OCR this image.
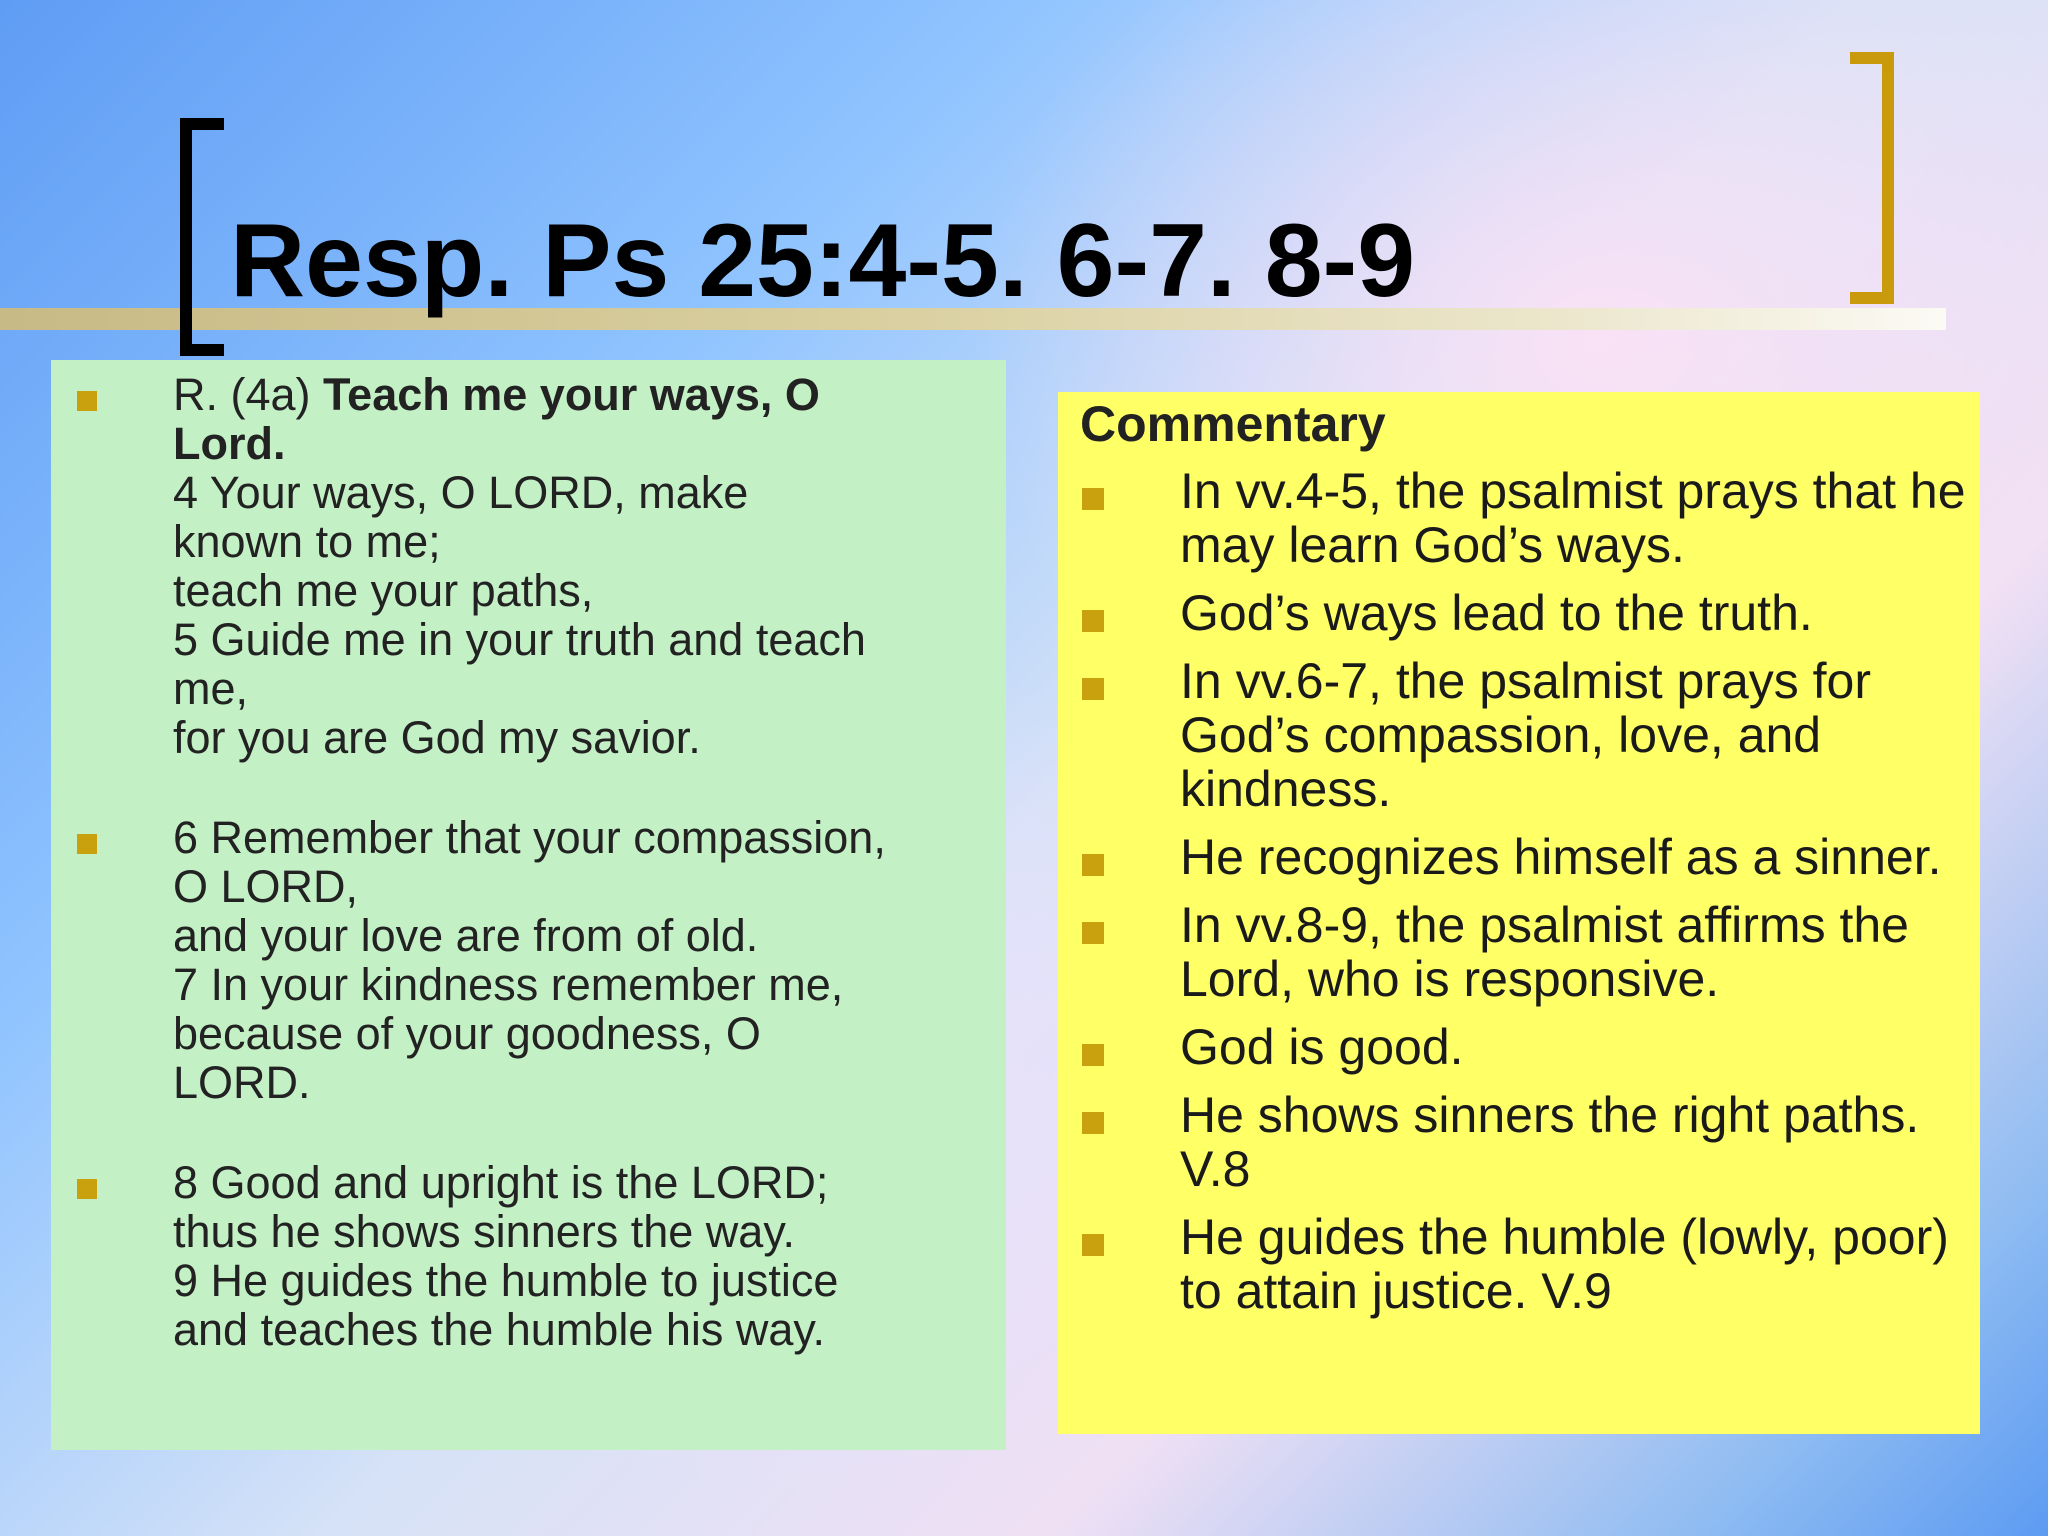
Resp. Ps 25:4-5. 6-7. 8-9
R. (4a) Teach me your ways, O
Lord.
4 Your ways, O LORD, make
known to me;
teach me your paths,
5 Guide me in your truth and teach
me,
for you are God my savior.
6 Remember that your compassion,
O LORD,
and your love are from of old.
7 In your kindness remember me,
because of your goodness, O
LORD.
8 Good and upright is the LORD;
thus he shows sinners the way.
9 He guides the humble to justice
and teaches the humble his way.
Commentary
In vv.4-5, the psalmist prays that he may learn God’s ways.
God’s ways lead to the truth.
In vv.6-7, the psalmist prays for God’s compassion, love, and kindness.
He recognizes himself as a sinner.
In vv.8-9, the psalmist affirms the Lord, who is responsive.
God is good.
He shows sinners the right paths. V.8
He guides the humble (lowly, poor) to attain justice. V.9
